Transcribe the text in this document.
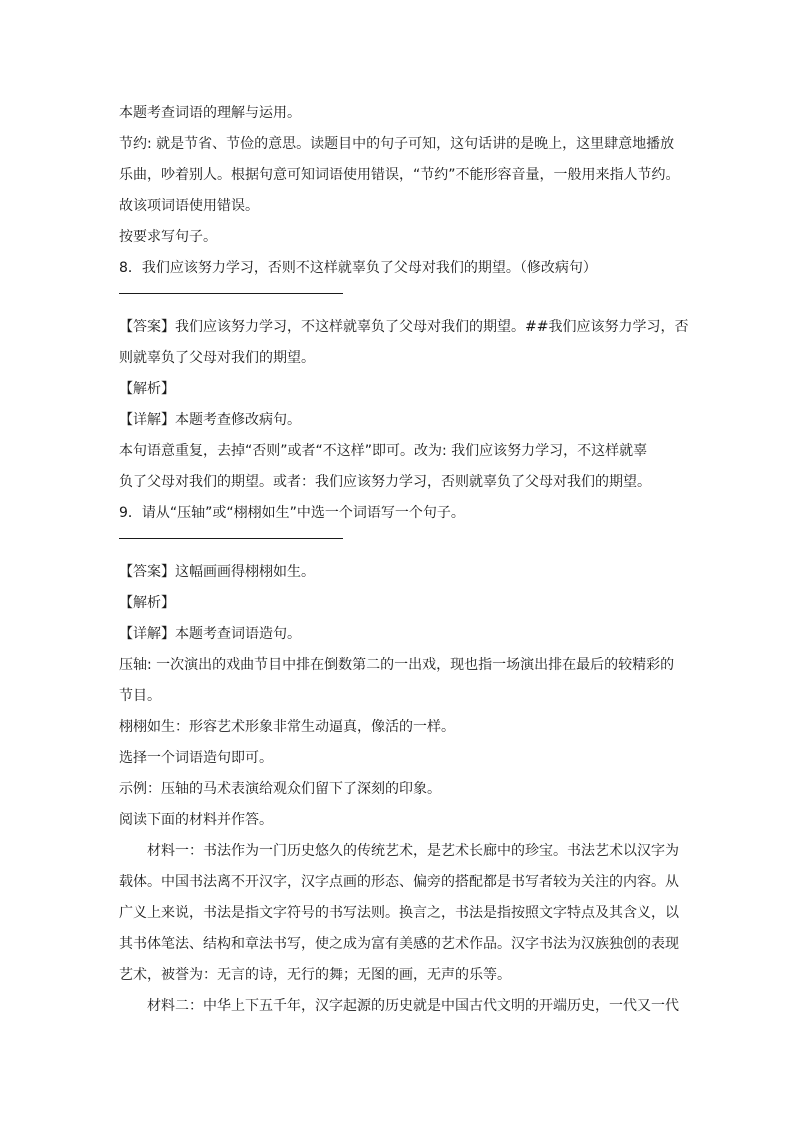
本题考查词语的理解与运用。
节约: 就是节省、节俭的意思。读题目中的句子可知，这句话讲的是晚上，这里肆意地播放
乐曲，吵着别人。根据句意可知词语使用错误，“节约”不能形容音量，一般用来指人节约。
故该项词语使用错误。
按要求写句子。
8．我们应该努力学习，否则不这样就辜负了父母对我们的期望。（修改病句）
【答案】我们应该努力学习，不这样就辜负了父母对我们的期望。##我们应该努力学习，否
则就辜负了父母对我们的期望。
【解析】
【详解】本题考查修改病句。
本句语意重复，去掉“否则”或者“不这样”即可。改为: 我们应该努力学习，不这样就辜
负了父母对我们的期望。或者：我们应该努力学习，否则就辜负了父母对我们的期望。
9．请从“压轴”或“栩栩如生”中选一个词语写一个句子。
【答案】这幅画画得栩栩如生。
【解析】
【详解】本题考查词语造句。
压轴: 一次演出的戏曲节目中排在倒数第二的一出戏，现也指一场演出排在最后的较精彩的
节目。
栩栩如生：形容艺术形象非常生动逼真，像活的一样。
选择一个词语造句即可。
示例：压轴的马术表演给观众们留下了深刻的印象。
阅读下面的材料并作答。
材料一：书法作为一门历史悠久的传统艺术，是艺术长廊中的珍宝。书法艺术以汉字为
载体。中国书法离不开汉字，汉字点画的形态、偏旁的搭配都是书写者较为关注的内容。从
广义上来说，书法是指文字符号的书写法则。换言之，书法是指按照文字特点及其含义，以
其书体笔法、结构和章法书写，使之成为富有美感的艺术作品。汉字书法为汉族独创的表现
艺术，被誉为：无言的诗，无行的舞；无图的画，无声的乐等。
材料二：中华上下五千年，汉字起源的历史就是中国古代文明的开端历史，一代又一代
